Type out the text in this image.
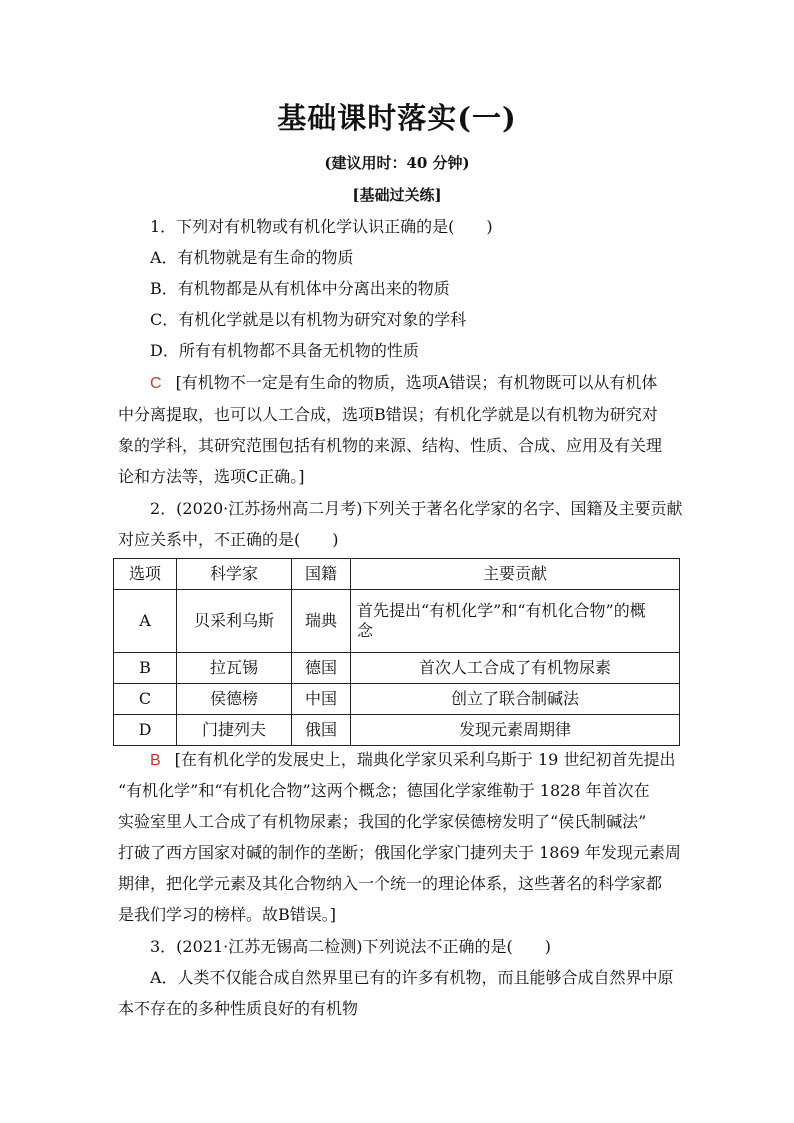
基础课时落实(一)
(建议用时：40 分钟)
[基础过关练]
1．下列对有机物或有机化学认识正确的是(　　)
A．有机物就是有生命的物质
B．有机物都是从有机体中分离出来的物质
C．有机化学就是以有机物为研究对象的学科
D．所有有机物都不具备无机物的性质
C [有机物不一定是有生命的物质，选项A错误；有机物既可以从有机体
中分离提取，也可以人工合成，选项B错误；有机化学就是以有机物为研究对
象的学科，其研究范围包括有机物的来源、结构、性质、合成、应用及有关理
论和方法等，选项C正确。]
2．(2020·江苏扬州高二月考)下列关于著名化学家的名字、国籍及主要贡献
对应关系中，不正确的是(　　)
选项	科学家	国籍	主要贡献
A	贝采利乌斯	瑞典	首先提出“有机化学”和“有机化合物”的概
念

B	拉瓦锡	德国	首次人工合成了有机物尿素
C	侯德榜	中国	创立了联合制碱法
D	门捷列夫	俄国	发现元素周期律
B [在有机化学的发展史上，瑞典化学家贝采利乌斯于 19 世纪初首先提出
“有机化学”和“有机化合物”这两个概念；德国化学家维勒于 1828 年首次在
实验室里人工合成了有机物尿素；我国的化学家侯德榜发明了“侯氏制碱法”
打破了西方国家对碱的制作的垄断；俄国化学家门捷列夫于 1869 年发现元素周
期律，把化学元素及其化合物纳入一个统一的理论体系，这些著名的科学家都
是我们学习的榜样。故B错误。]
3．(2021·江苏无锡高二检测)下列说法不正确的是(　　)
A．人类不仅能合成自然界里已有的许多有机物，而且能够合成自然界中原
本不存在的多种性质良好的有机物
